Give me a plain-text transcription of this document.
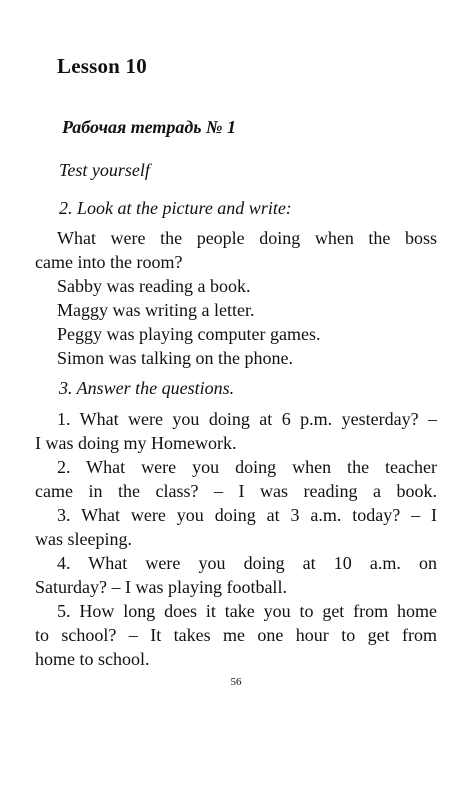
Lesson 10
Рабочая тетрадь № 1
Test yourself
2. Look at the picture and write:
What were the people doing when the boss
came into the room?
Sabby was reading a book.
Maggy was writing a letter.
Peggy was playing computer games.
Simon was talking on the phone.
3. Answer the questions.
1. What were you doing at 6 p.m. yesterday? –
I was doing my Homework.
2. What were you doing when the teacher
came in the class? – I was reading a book.
3. What were you doing at 3 a.m. today? – I
was sleeping.
4. What were you doing at 10 a.m. on
Saturday? – I was playing football.
5. How long does it take you to get from home
to school? – It takes me one hour to get from
home to school.
56
